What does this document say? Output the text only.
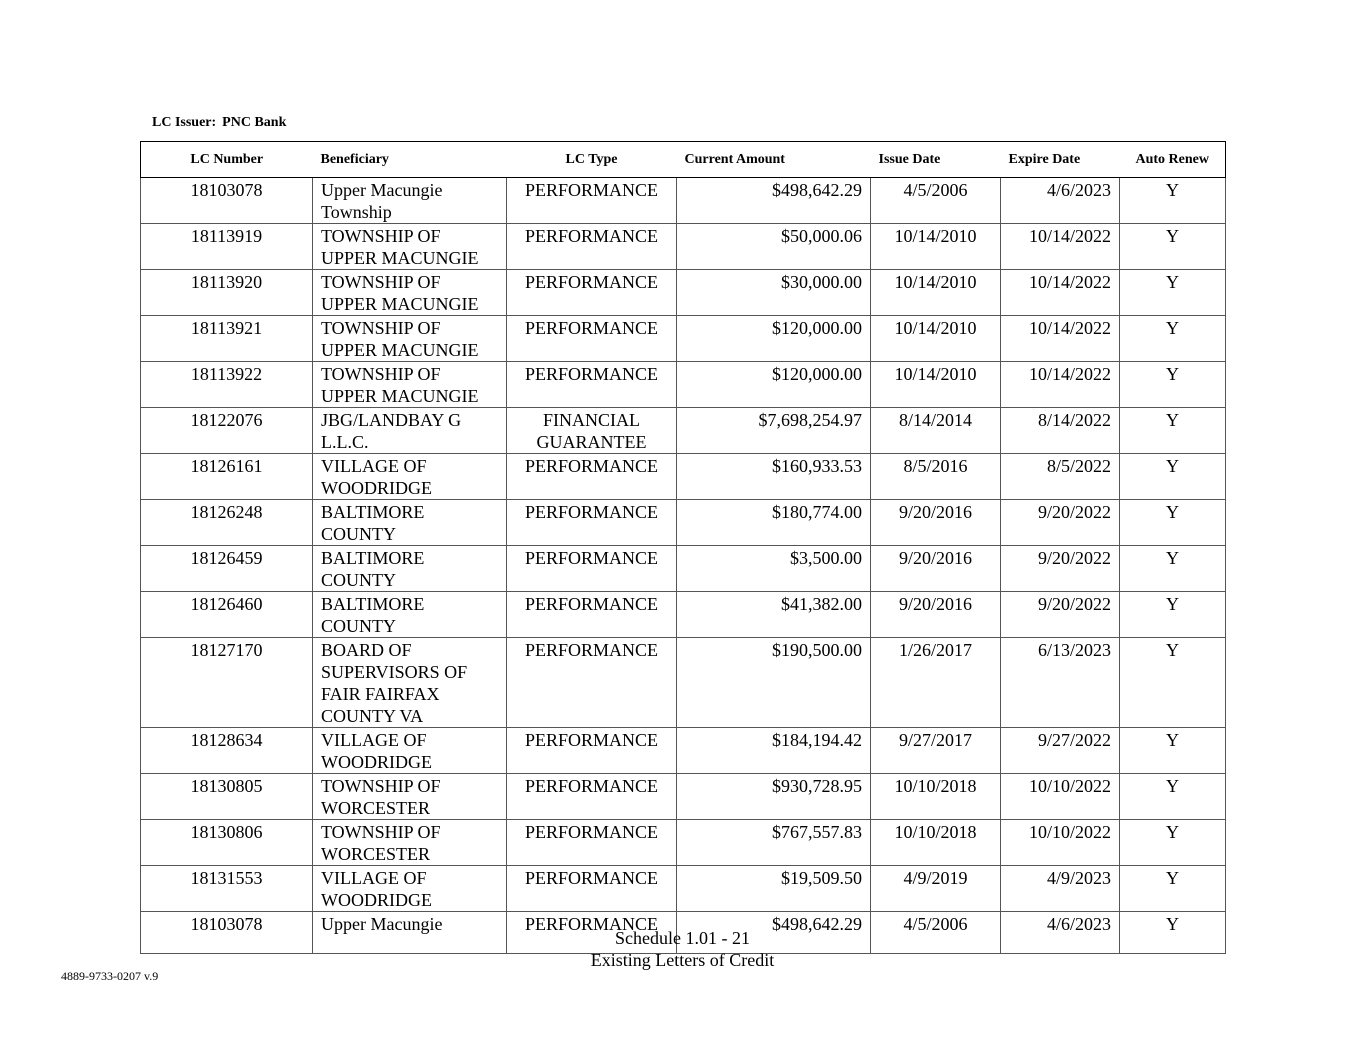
LC Issuer: PNC Bank
LC Number	Beneficiary	LC Type	Current Amount	Issue Date	Expire Date	Auto Renew
18103078	Upper Macungie Township	PERFORMANCE	$498,642.29	4/5/2006	4/6/2023	Y
18113919	TOWNSHIP OF UPPER MACUNGIE	PERFORMANCE	$50,000.06	10/14/2010	10/14/2022	Y
18113920	TOWNSHIP OF UPPER MACUNGIE	PERFORMANCE	$30,000.00	10/14/2010	10/14/2022	Y
18113921	TOWNSHIP OF UPPER MACUNGIE	PERFORMANCE	$120,000.00	10/14/2010	10/14/2022	Y
18113922	TOWNSHIP OF UPPER MACUNGIE	PERFORMANCE	$120,000.00	10/14/2010	10/14/2022	Y
18122076	JBG/LANDBAY G L.L.C.	FINANCIAL GUARANTEE	$7,698,254.97	8/14/2014	8/14/2022	Y
18126161	VILLAGE OF WOODRIDGE	PERFORMANCE	$160,933.53	8/5/2016	8/5/2022	Y
18126248	BALTIMORE COUNTY	PERFORMANCE	$180,774.00	9/20/2016	9/20/2022	Y
18126459	BALTIMORE COUNTY	PERFORMANCE	$3,500.00	9/20/2016	9/20/2022	Y
18126460	BALTIMORE COUNTY	PERFORMANCE	$41,382.00	9/20/2016	9/20/2022	Y
18127170	BOARD OF SUPERVISORS OF FAIR FAIRFAX COUNTY VA	PERFORMANCE	$190,500.00	1/26/2017	6/13/2023	Y
18128634	VILLAGE OF WOODRIDGE	PERFORMANCE	$184,194.42	9/27/2017	9/27/2022	Y
18130805	TOWNSHIP OF WORCESTER	PERFORMANCE	$930,728.95	10/10/2018	10/10/2022	Y
18130806	TOWNSHIP OF WORCESTER	PERFORMANCE	$767,557.83	10/10/2018	10/10/2022	Y
18131553	VILLAGE OF WOODRIDGE	PERFORMANCE	$19,509.50	4/9/2019	4/9/2023	Y
18103078	Upper Macungie	PERFORMANCE	$498,642.29	4/5/2006	4/6/2023	Y
Schedule 1.01 - 21
Existing Letters of Credit
4889-9733-0207 v.9
